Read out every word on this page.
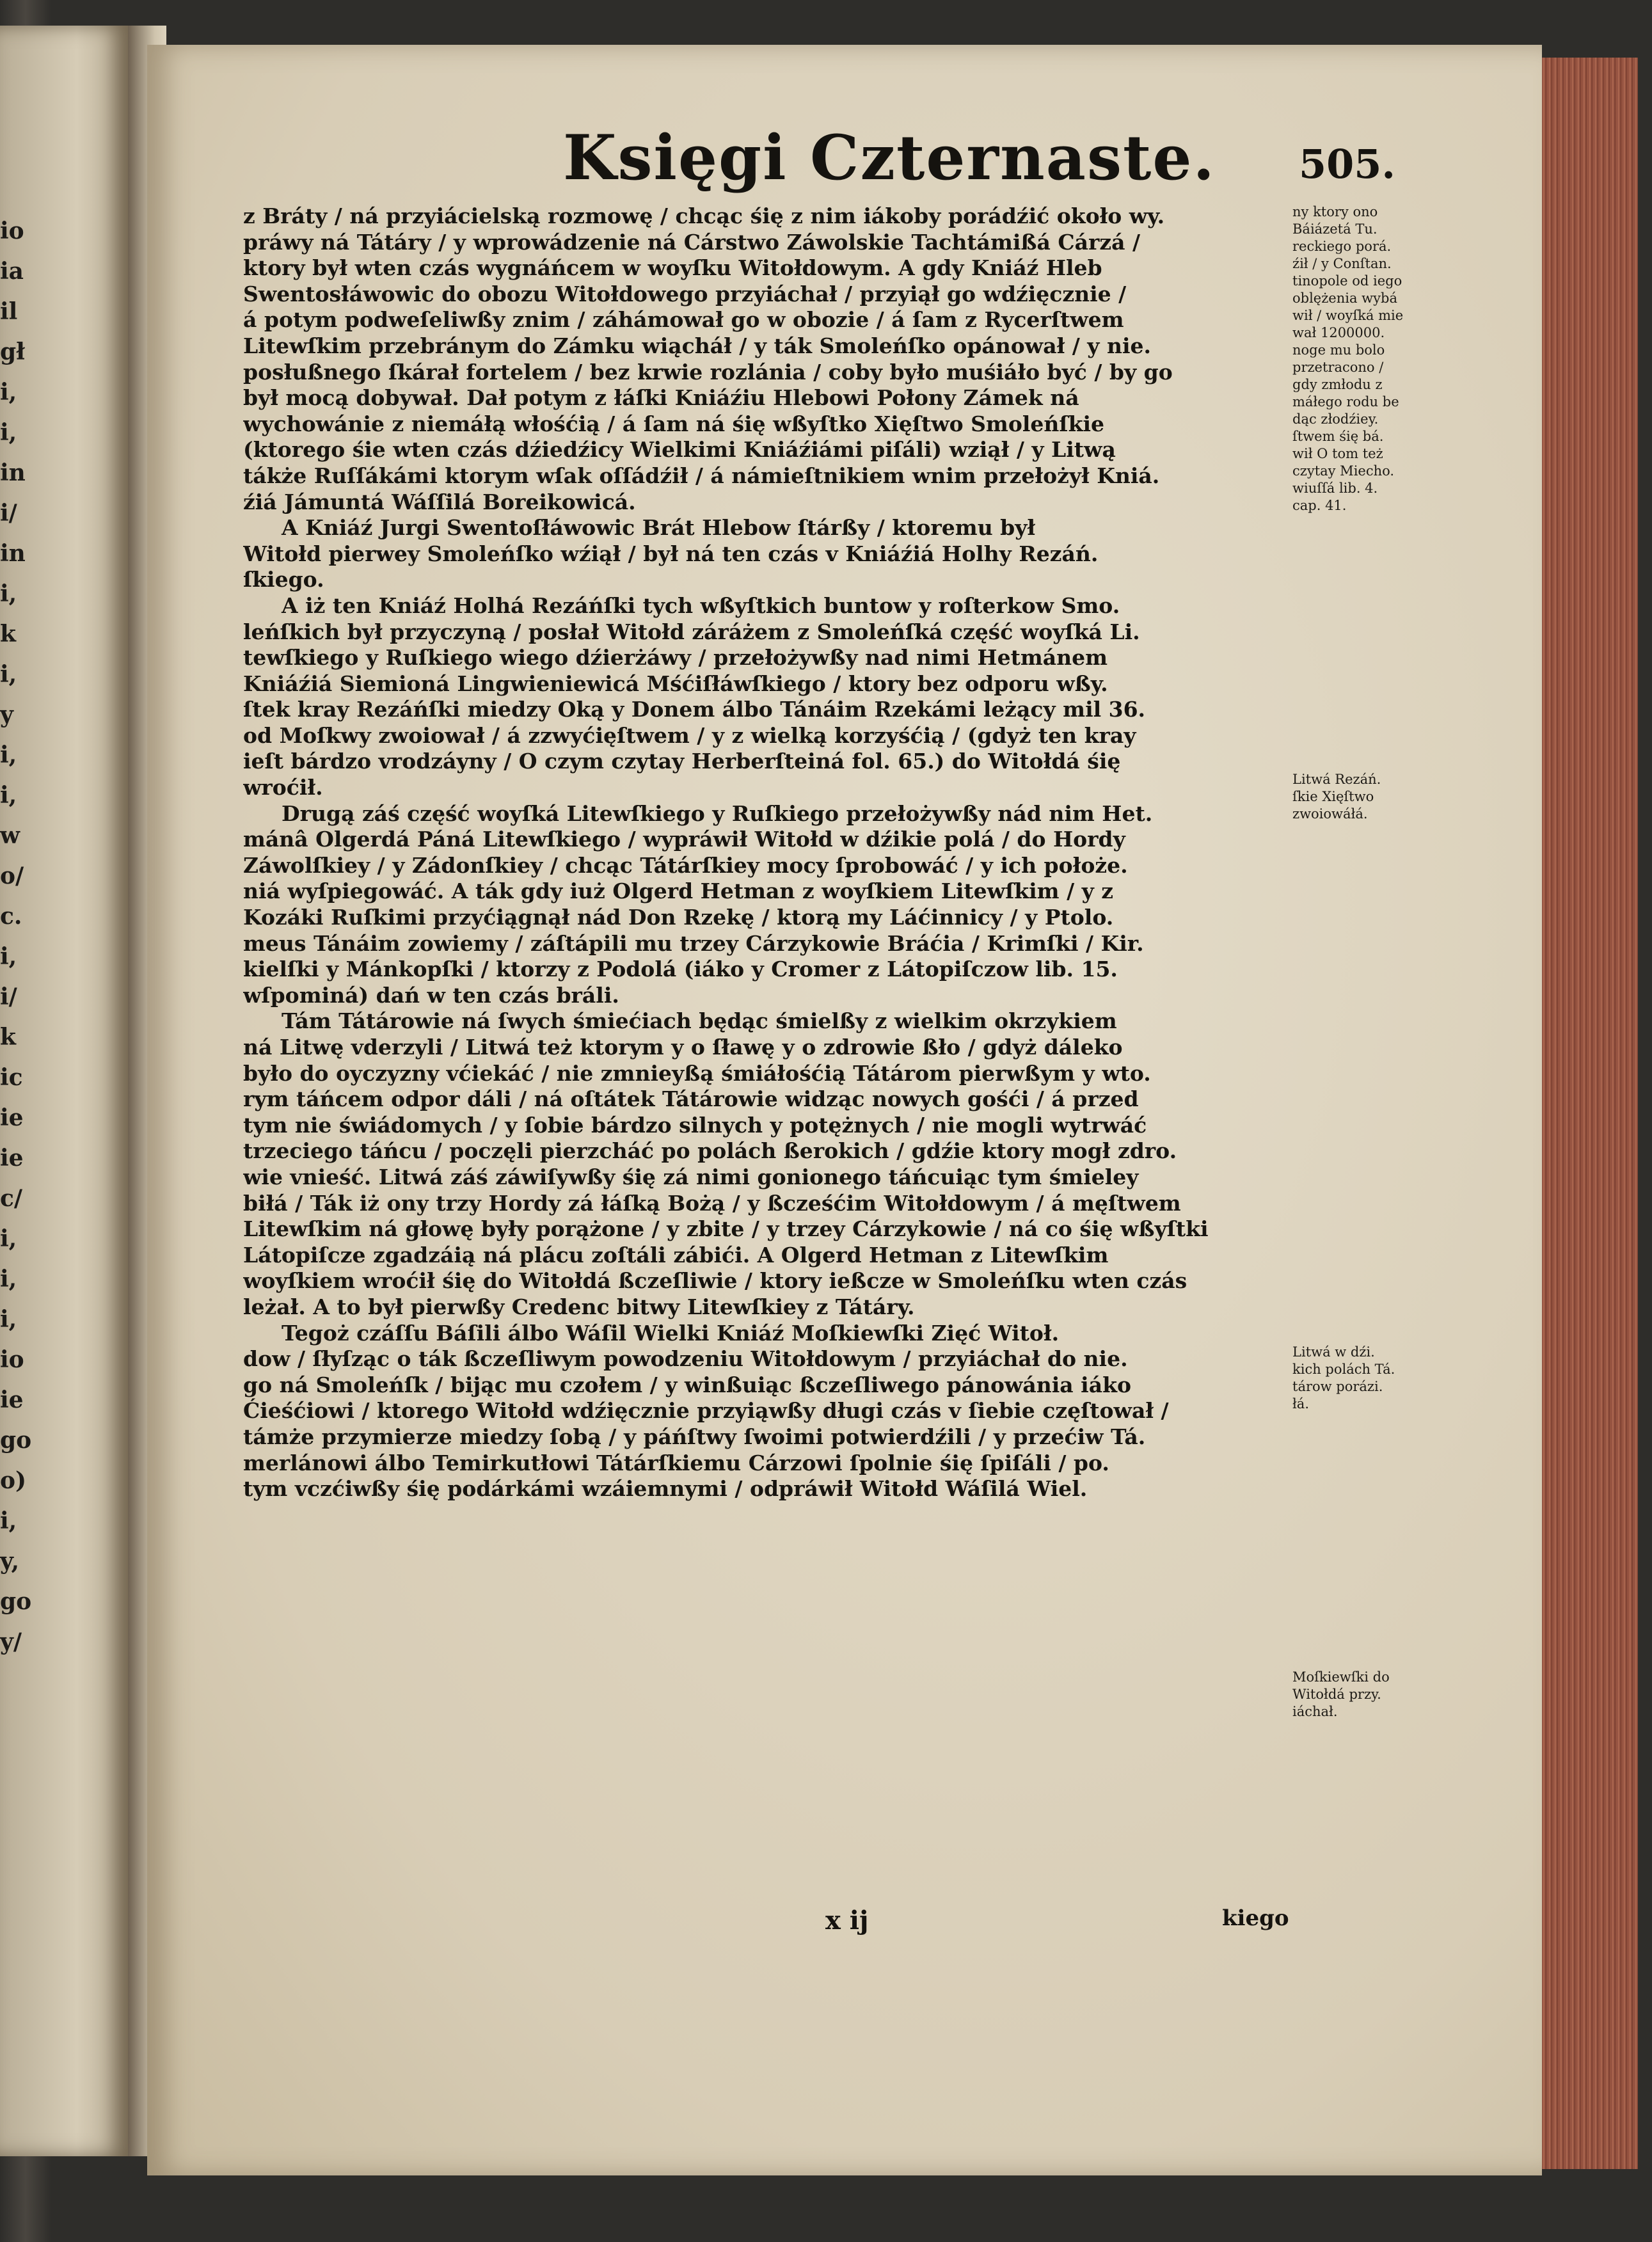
io
ia
il
gł
i,
i,
in
i/
in
i,
k
i,
y
i,
i,
w
o/
c.
i,
i/
k
ic
ie
ie
c/
i,
i,
i,
io
ie
go
o)
i,
y,
go
y/
Księgi Czternaste. 505.
z Bráty / ná przyiácielską rozmowę / chcąc śię z nim iákoby porádźić około wy.
práwy ná Tátáry / y wprowádzenie ná Cárstwo Záwolskie Tachtámißá Cárzá /
ktory był wten czás wygnáńcem w woyſku Witołdowym. A gdy Kniáź Hleb
Swentosłáwowic do obozu Witołdowego przyiáchał / przyiął go wdźięcznie /
á potym podweſeliwßy znim / záhámował go w obozie / á ſam z Rycerſtwem
Litewſkim przebránym do Zámku wiącháł / y ták Smoleńſko opánował / y nie.
posłußnego ſkárał fortelem / bez krwie rozlánia / coby było muśiáło być / by go
był mocą dobywał. Dał potym z łáſki Kniáźiu Hlebowi Połony Zámek ná
wychowánie z niemáłą włośćią / á ſam ná śię wßyſtko Xięſtwo Smoleńſkie
(ktorego śie wten czás dźiedźicy Wielkimi Kniáźiámi piſáli) wziął / y Litwą
tákże Ruſſákámi ktorym wſak oſſádźił / á námieſtnikiem wnim przełożył Kniá.
źiá Jámuntá Wáſſilá Boreikowicá.
A Kniáź Jurgi Swentoſłáwowic Brát Hlebow ſtárßy / ktoremu był
Witołd pierwey Smoleńſko wźiął / był ná ten czás v Kniáźiá Holhy Rezáń.
ſkiego.
A iż ten Kniáź Holhá Rezáńſki tych wßyſtkich buntow y roſterkow Smo.
leńſkich był przyczyną / posłał Witołd záráżem z Smoleńſká część woyſká Li.
tewſkiego y Ruſkiego wiego dźierżáwy / przełożywßy nad nimi Hetmánem
Kniáźiá Siemioná Lingwieniewicá Mśćiſłáwſkiego / ktory bez odporu wßy.
ſtek kray Rezáńſki miedzy Oką y Donem álbo Tánáim Rzekámi leżący mil 36.
od Moſkwy zwoiował / á zzwyćięſtwem / y z wielką korzyśćią / (gdyż ten kray
ieſt bárdzo vrodzáyny / O czym czytay Herberſteiná fol. 65.) do Witołdá śię
wroćił.
Drugą záś część woyſká Litewſkiego y Ruſkiego przełożywßy nád nim Het.
mánâ Olgerdá Páná Litewſkiego / wypráwił Witołd w dźikie polá / do Hordy
Záwolſkiey / y Zádonſkiey / chcąc Tátárſkiey mocy ſprobowáć / y ich położe.
niá wyſpiegowáć. A ták gdy iuż Olgerd Hetman z woyſkiem Litewſkim / y z
Kozáki Ruſkimi przyćiągnął nád Don Rzekę / ktorą my Láćinnicy / y Ptolo.
meus Tánáim zowiemy / záſtápili mu trzey Cárzykowie Bráćia / Krimſki / Kir.
kielſki y Mánkopſki / ktorzy z Podolá (iáko y Cromer z Látopiſczow lib. 15.
wſpominá) dań w ten czás bráli.
Tám Tátárowie ná ſwych śmiećiach będąc śmielßy z wielkim okrzykiem
ná Litwę vderzyli / Litwá też ktorym y o ſławę y o zdrowie ßło / gdyż dáleko
było do oyczyzny vćiekáć / nie zmnieyßą śmiáłośćią Tátárom pierwßym y wto.
rym táńcem odpor dáli / ná oſtátek Tátárowie widząc nowych gośći / á przed
tym nie świádomych / y ſobie bárdzo silnych y potężnych / nie mogli wytrwáć
trzeciego táńcu / poczęli pierzcháć po polách ßerokich / gdźie ktory mogł zdro.
wie vnieść. Litwá záś záwiſywßy śię zá nimi gonionego táńcuiąc tym śmieley
biłá / Ták iż ony trzy Hordy zá łáſką Bożą / y ßcześćim Witołdowym / á męſtwem
Litewſkim ná głowę były porążone / y zbite / y trzey Cárzykowie / ná co śię wßyſtki
Látopiſcze zgadzáią ná plácu zoſtáli zábići. A Olgerd Hetman z Litewſkim
woyſkiem wroćił śię do Witołdá ßczeſliwie / ktory ießcze w Smoleńſku wten czás
leżał. A to był pierwßy Credenc bitwy Litewſkiey z Tátáry.
Tegoż czáſſu Báſili álbo Wáſil Wielki Kniáź Moſkiewſki Zięć Witoł.
dow / ſłyſząc o ták ßczeſliwym powodzeniu Witołdowym / przyiáchał do nie.
go ná Smoleńſk / bijąc mu czołem / y winßuiąc ßczeſliwego pánowánia iáko
Ćieśćiowi / ktorego Witołd wdźięcznie przyiąwßy długi czás v ſiebie częſtował /
támże przymierze miedzy ſobą / y páńſtwy ſwoimi potwierdźili / y przećiw Tá.
merlánowi álbo Temirkutłowi Tátárſkiemu Cárzowi ſpolnie śię ſpiſáli / po.
tym vczćiwßy śię podárkámi wzáiemnymi / odpráwił Witołd Wáſilá Wiel.
ny ktory ono
Báiázetá Tu.
reckiego porá.
źił / y Conſtan.
tinopole od iego
oblężenia wybá
wił / woyſká mie
wał 1200000.
noge mu bolo
przetracono /
gdy zmłodu z
máłego rodu be
dąc złodźiey.
ſtwem śię bá.
wił O tom też
czytay Miecho.
wiuſſá lib. 4.
cap. 41.
Litwá Rezáń.
ſkie Xięſtwo
zwoiowáłá.
Litwá w dźi.
kich polách Tá.
tárow porázi.
łá.
Moſkiewſki do
Witołdá przy.
iáchał.
x ij	kiego
